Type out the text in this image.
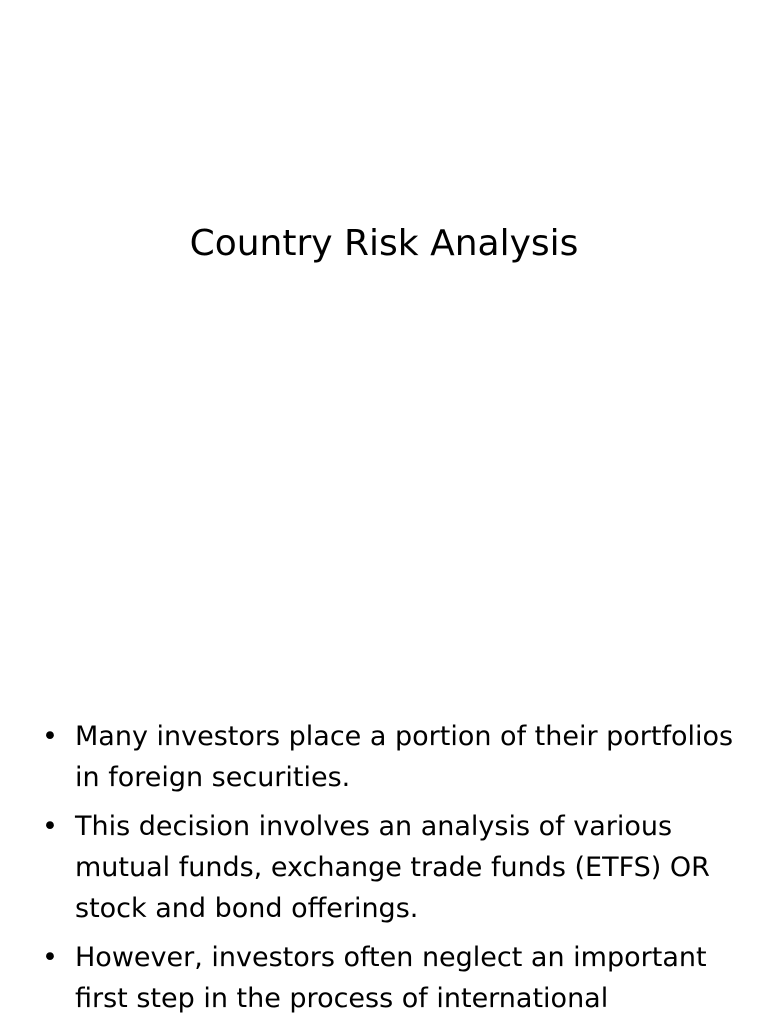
Country Risk Analysis
• Many investors place a portion of their portfolios in foreign securities.
• This decision involves an analysis of various mutual funds, exchange trade funds (ETFS) OR stock and bond offerings.
• However, investors often neglect an important first step in the process of international
